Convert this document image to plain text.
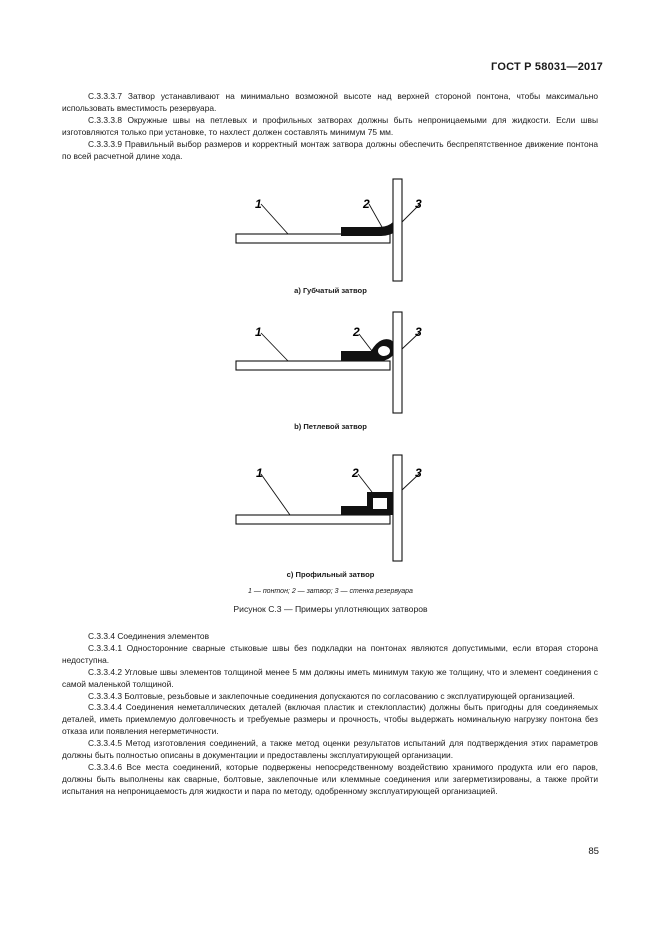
ГОСТ Р 58031—2017

С.3.3.3.7 Затвор устанавливают на минимально возможной высоте над верхней стороной понтона, чтобы максимально использовать вместимость резервуара.

С.3.3.3.8 Окружные швы на петлевых и профильных затворах должны быть непроницаемыми для жидкости. Если швы изготовляются только при установке, то нахлест должен составлять минимум 75 мм.

С.3.3.3.9 Правильный выбор размеров и корректный монтаж затвора должны обеспечить беспрепятственное движение понтона по всей расчетной длине хода.

1	2	3
1	2	3
1	2	3
а) Губчатый затвор
b) Петлевой затвор
с) Профильный затвор
1 — понтон; 2 — затвор; 3 — стенка резервуара
Рисунок С.3 — Примеры уплотняющих затворов

С.3.3.4 Соединения элементов

С.3.3.4.1 Односторонние сварные стыковые швы без подкладки на понтонах являются допустимыми, если вторая сторона недоступна.

С.3.3.4.2 Угловые швы элементов толщиной менее 5 мм должны иметь минимум такую же толщину, что и элемент соединения с самой маленькой толщиной.

С.3.3.4.3 Болтовые, резьбовые и заклепочные соединения допускаются по согласованию с эксплуатирующей организацией.

С.3.3.4.4 Соединения неметаллических деталей (включая пластик и стеклопластик) должны быть пригодны для соединяемых деталей, иметь приемлемую долговечность и требуемые размеры и прочность, чтобы выдержать номинальную нагрузку понтона без отказа или появления негерметичности.

С.3.3.4.5 Метод изготовления соединений, а также метод оценки результатов испытаний для подтверждения этих параметров должны быть полностью описаны в документации и предоставлены эксплуатирующей организации.

С.3.3.4.6 Все места соединений, которые подвержены непосредственному воздействию хранимого продукта или его паров, должны быть выполнены как сварные, болтовые, заклепочные или клеммные соединения или загерметизированы, а также пройти испытания на непроницаемость для жидкости и пара по методу, одобренному эксплуатирующей организацией.

85
